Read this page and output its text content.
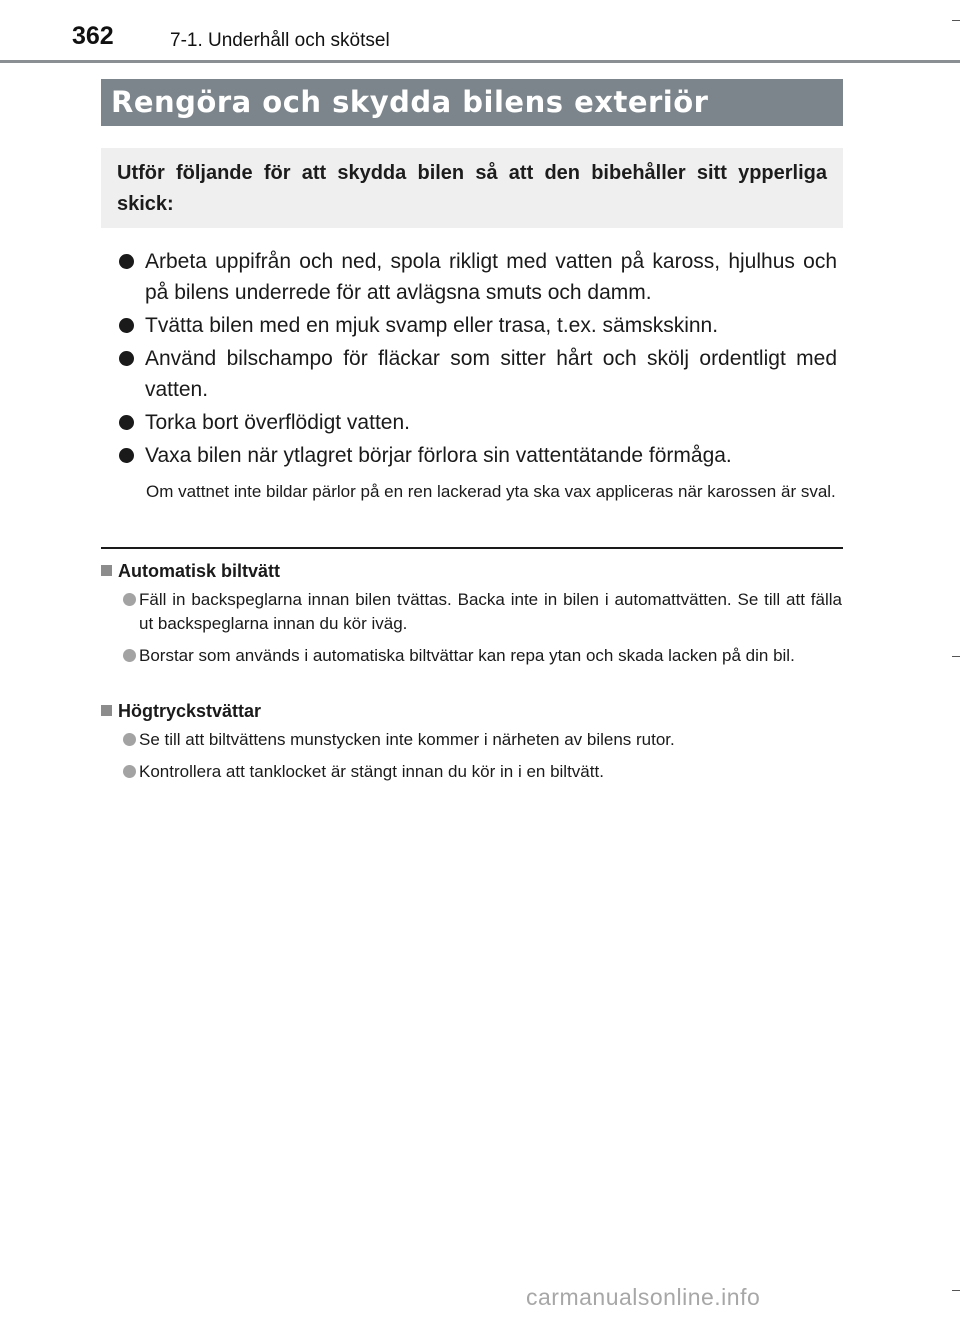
362	7-1. Underhåll och skötsel
Rengöra och skydda bilens exteriör

Utför följande för att skydda bilen så att den bibehåller sitt ypperliga skick:

Arbeta uppifrån och ned, spola rikligt med vatten på kaross, hjulhus och på bilens underrede för att avlägsna smuts och damm.
Tvätta bilen med en mjuk svamp eller trasa, t.ex. sämskskinn.
Använd bilschampo för fläckar som sitter hårt och skölj ordentligt med vatten.
Torka bort överflödigt vatten.
Vaxa bilen när ytlagret börjar förlora sin vattentätande förmåga.
Om vattnet inte bildar pärlor på en ren lackerad yta ska vax appliceras när karossen är sval.
Automatisk biltvätt
Fäll in backspeglarna innan bilen tvättas. Backa inte in bilen i automattvätten. Se till att fälla ut backspeglarna innan du kör iväg.
Borstar som används i automatiska biltvättar kan repa ytan och skada lacken på din bil.
Högtryckstvättar
Se till att biltvättens munstycken inte kommer i närheten av bilens rutor.
Kontrollera att tanklocket är stängt innan du kör in i en biltvätt.
carmanualsonline.info
